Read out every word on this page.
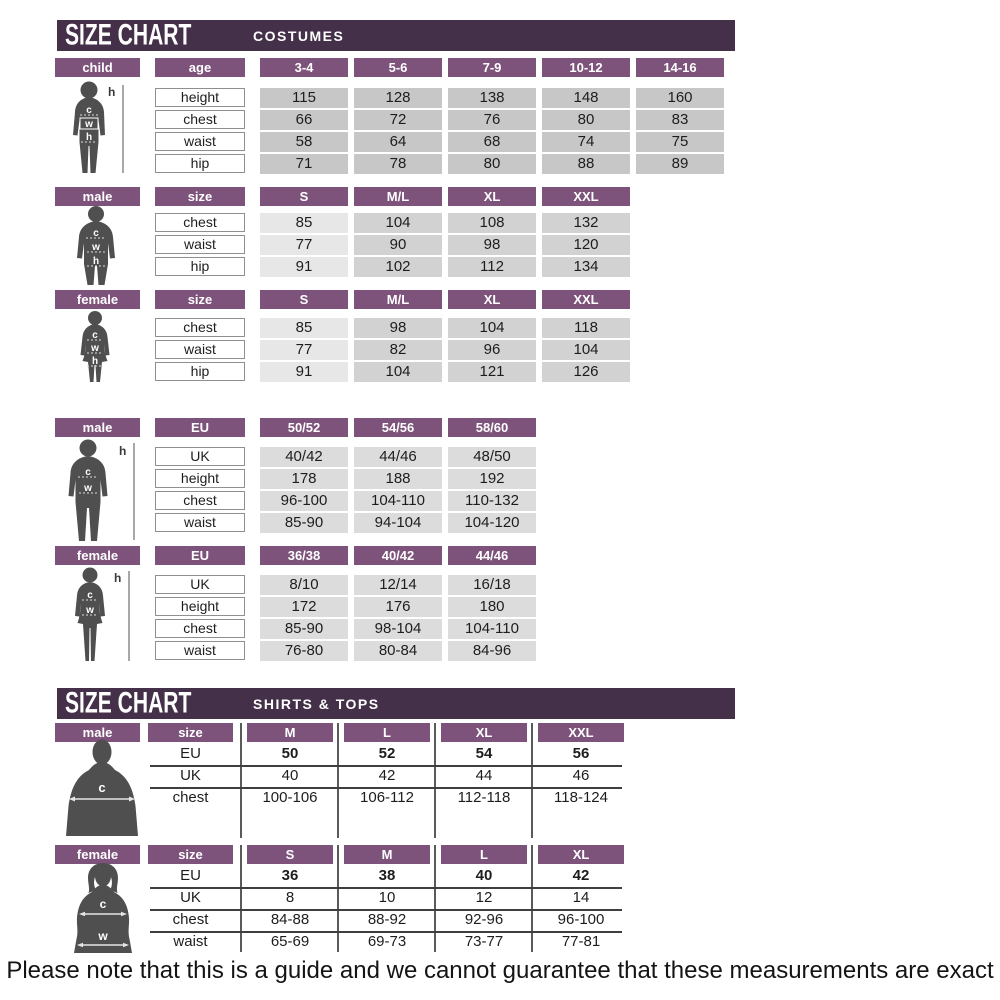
SIZE CHART	COSTUMES
child	age	3-4	5-6	7-9	10-12	14-16
height	115	128	138	148	160
chest	66	72	76	80	83
waist	58	64	68	74	75
hip	71	78	80	88	89
h
c
w
h
male	size	S	M/L	XL	XXL
chest	85	104	108	132
waist	77	90	98	120
hip	91	102	112	134
c
w
h
female	size	S	M/L	XL	XXL
chest	85	98	104	118
waist	77	82	96	104
hip	91	104	121	126
c
w
h
male	EU	50/52	54/56	58/60
UK	40/42	44/46	48/50
height	178	188	192
chest	96-100	104-110	110-132
waist	85-90	94-104	104-120
h
c
w
female	EU	36/38	40/42	44/46
UK	8/10	12/14	16/18
height	172	176	180
chest	85-90	98-104	104-110
waist	76-80	80-84	84-96
h
c
w
male	size	M	L	XL	XXL
EU	50	52	54	56
UK	40	42	44	46
chest	100-106	106-112	112-118	118-124
c
female	size	S	M	L	XL
EU	36	38	40	42
UK	8	10	12	14
chest	84-88	88-92	92-96	96-100
waist	65-69	69-73	73-77	77-81
c
w
SIZE CHART	SHIRTS & TOPS
Please note that this is a guide and we cannot guarantee that these measurements are exact
